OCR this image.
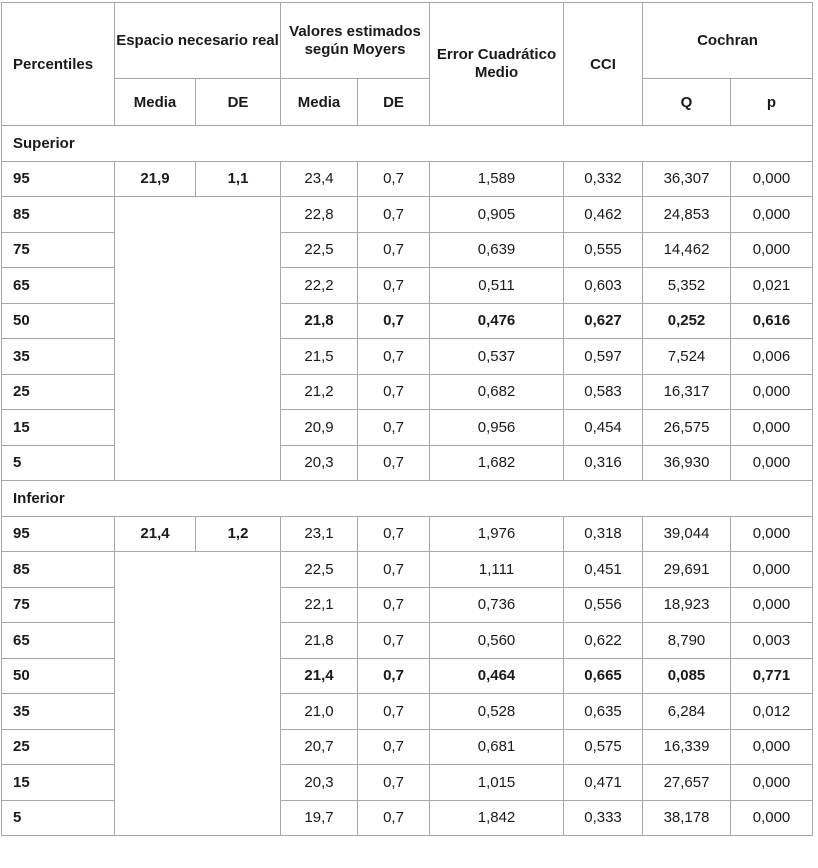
Percentiles	Espacio necesario real		Valores estimados según Moyers		Error Cuadrático Medio	CCI	Cochran	
	Media	DE	Media	DE			Q	p
Superior								
95	21,9	1,1	23,4	0,7	1,589	0,332	36,307	0,000
85			22,8	0,7	0,905	0,462	24,853	0,000
75			22,5	0,7	0,639	0,555	14,462	0,000
65			22,2	0,7	0,511	0,603	5,352	0,021
50			21,8	0,7	0,476	0,627	0,252	0,616
35			21,5	0,7	0,537	0,597	7,524	0,006
25			21,2	0,7	0,682	0,583	16,317	0,000
15			20,9	0,7	0,956	0,454	26,575	0,000
5			20,3	0,7	1,682	0,316	36,930	0,000
Inferior								
95	21,4	1,2	23,1	0,7	1,976	0,318	39,044	0,000
85			22,5	0,7	1,111	0,451	29,691	0,000
75			22,1	0,7	0,736	0,556	18,923	0,000
65			21,8	0,7	0,560	0,622	8,790	0,003
50			21,4	0,7	0,464	0,665	0,085	0,771
35			21,0	0,7	0,528	0,635	6,284	0,012
25			20,7	0,7	0,681	0,575	16,339	0,000
15			20,3	0,7	1,015	0,471	27,657	0,000
5			19,7	0,7	1,842	0,333	38,178	0,000
